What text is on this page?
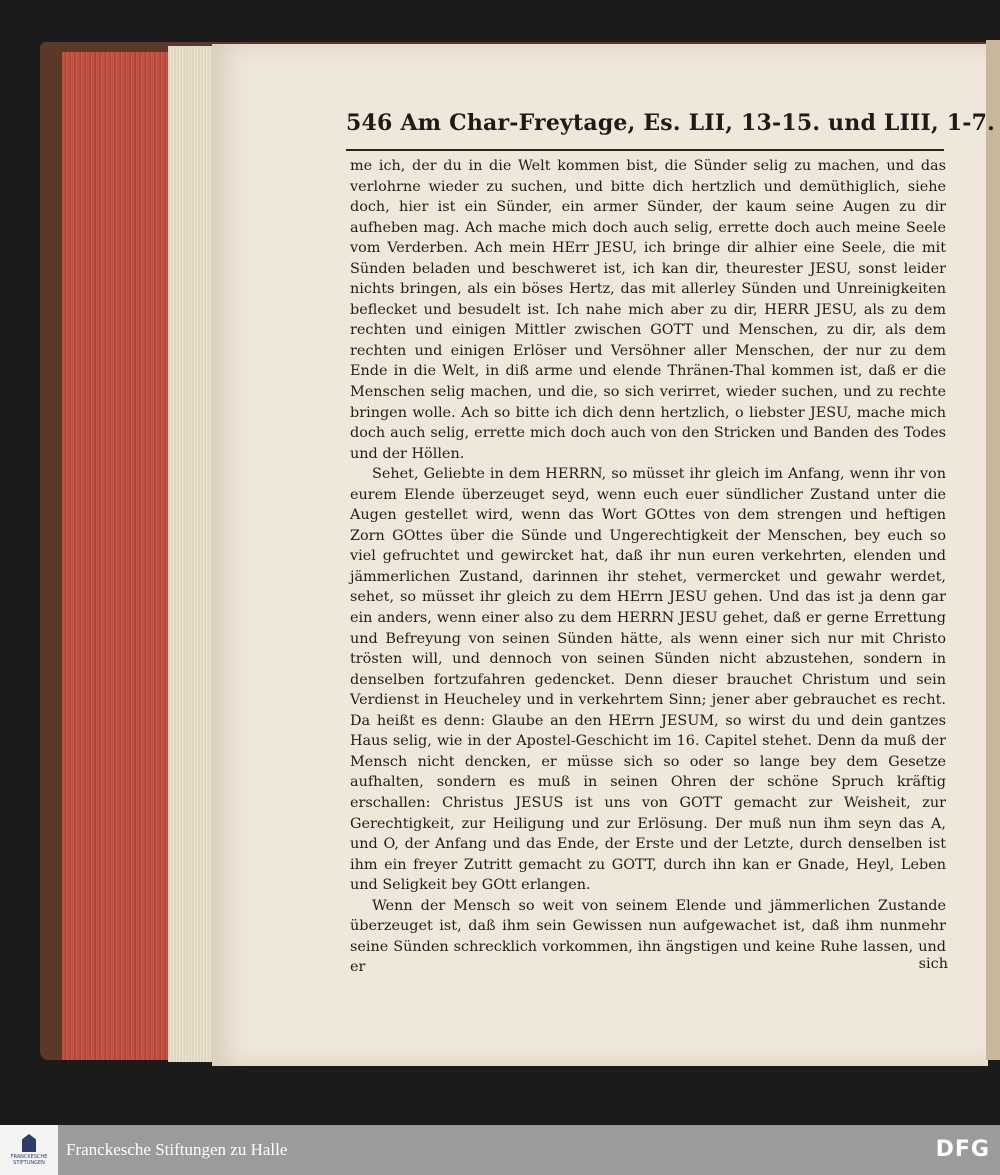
546 Am Char-Freytage, Es. LII, 13-15. und LIII, 1-7.

me ich, der du in die Welt kommen bist, die Sünder selig zu machen, und das verlohrne wieder zu suchen, und bitte dich hertzlich und demüthiglich, siehe doch, hier ist ein Sünder, ein armer Sünder, der kaum seine Augen zu dir aufheben mag. Ach mache mich doch auch selig, errette doch auch meine Seele vom Verderben. Ach mein HErr JESU, ich bringe dir alhier eine Seele, die mit Sünden beladen und beschweret ist, ich kan dir, theurester JESU, sonst leider nichts bringen, als ein böses Hertz, das mit allerley Sünden und Unreinigkeiten beflecket und besudelt ist. Ich nahe mich aber zu dir, HERR JESU, als zu dem rechten und einigen Mittler zwischen GOTT und Menschen, zu dir, als dem rechten und einigen Erlöser und Versöhner aller Menschen, der nur zu dem Ende in die Welt, in diß arme und elende Thränen-Thal kommen ist, daß er die Menschen selig machen, und die, so sich verirret, wieder suchen, und zu rechte bringen wolle. Ach so bitte ich dich denn hertzlich, o liebster JESU, mache mich doch auch selig, errette mich doch auch von den Stricken und Banden des Todes und der Höllen.

Sehet, Geliebte in dem HERRN, so müsset ihr gleich im Anfang, wenn ihr von eurem Elende überzeuget seyd, wenn euch euer sündlicher Zustand unter die Augen gestellet wird, wenn das Wort GOttes von dem strengen und heftigen Zorn GOttes über die Sünde und Ungerechtigkeit der Menschen, bey euch so viel gefruchtet und gewircket hat, daß ihr nun euren verkehrten, elenden und jämmerlichen Zustand, darinnen ihr stehet, vermercket und gewahr werdet, sehet, so müsset ihr gleich zu dem HErrn JESU gehen. Und das ist ja denn gar ein anders, wenn einer also zu dem HERRN JESU gehet, daß er gerne Errettung und Befreyung von seinen Sünden hätte, als wenn einer sich nur mit Christo trösten will, und dennoch von seinen Sünden nicht abzustehen, sondern in denselben fortzufahren gedencket. Denn dieser brauchet Christum und sein Verdienst in Heucheley und in verkehrtem Sinn; jener aber gebrauchet es recht. Da heißt es denn: Glaube an den HErrn JESUM, so wirst du und dein gantzes Haus selig, wie in der Apostel-Geschicht im 16. Capitel stehet. Denn da muß der Mensch nicht dencken, er müsse sich so oder so lange bey dem Gesetze aufhalten, sondern es muß in seinen Ohren der schöne Spruch kräftig erschallen: Christus JESUS ist uns von GOTT gemacht zur Weisheit, zur Gerechtigkeit, zur Heiligung und zur Erlösung. Der muß nun ihm seyn das A, und O, der Anfang und das Ende, der Erste und der Letzte, durch denselben ist ihm ein freyer Zutritt gemacht zu GOTT, durch ihn kan er Gnade, Heyl, Leben und Seligkeit bey GOtt erlangen.

Wenn der Mensch so weit von seinem Elende und jämmerlichen Zustande überzeuget ist, daß ihm sein Gewissen nun aufgewachet ist, daß ihm nunmehr seine Sünden schrecklich vorkommen, ihn ängstigen und keine Ruhe lassen, und er	sich
FRANCKESCHE STIFTUNGEN
Franckesche Stiftungen zu Halle	DFG
